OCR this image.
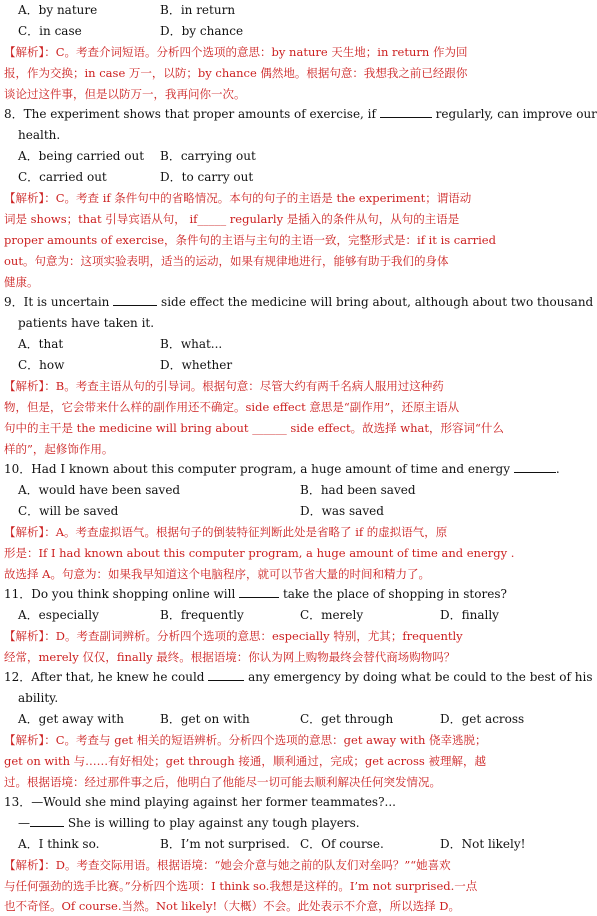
A．by nature	B．in return
C．in case	D．by chance
【解析】：C。考查介词短语。分析四个选项的意思：by nature 天生地；in return 作为回
报，作为交换；in case 万一，以防；by chance 偶然地。根据句意：我想我之前已经跟你
谈论过这件事，但是以防万一，我再问你一次。
8．The experiment shows that proper amounts of exercise, if	regularly, can improve our
health.
A．being carried out B．carrying out
C．carried out	D．to carry out
【解析】：C。考查 if 条件句中的省略情况。本句的句子的主语是 the experiment；谓语动
词是 shows；that 引导宾语从句， if_____ regularly 是插入的条件从句，从句的主语是
proper amounts of exercise，条件句的主语与主句的主语一致，完整形式是：if it is carried
out。句意为：这项实验表明，适当的运动，如果有规律地进行，能够有助于我们的身体
健康。
9．It is uncertain	side effect the medicine will bring about, although about two thousand
patients have taken it.
A．that	B．what...
C．how	D．whether
【解析】：B。考查主语从句的引导词。根据句意：尽管大约有两千名病人服用过这种药
物，但是，它会带来什么样的副作用还不确定。side effect 意思是“副作用”，还原主语从
句中的主干是 the medicine will bring about ______ side effect。故选择 what，形容词“什么
样的”，起修饰作用。
10．Had I known about this computer program, a huge amount of time and energy	.
A．would have been saved	B．had been saved
C．will be saved	D．was saved
【解析】：A。考查虚拟语气。根据句子的倒装特征判断此处是省略了 if 的虚拟语气，原
形是：If I had known about this computer program, a huge amount of time and energy .
故选择 A。句意为：如果我早知道这个电脑程序，就可以节省大量的时间和精力了。
11．Do you think shopping online will	take the place of shopping in stores?
A．especially	B．frequently	C．merely	D．finally
【解析】：D。考查副词辨析。分析四个选项的意思：especially 特别，尤其；frequently
经常，merely 仅仅，finally 最终。根据语境：你认为网上购物最终会替代商场购物吗？
12．After that, he knew he could	any emergency by doing what be could to the best of his
ability.
A．get away with	B．get on with	C．get through	D．get across
【解析】：C。考查与 get 相关的短语辨析。分析四个选项的意思：get away with 侥幸逃脱；
get on with 与……有好相处；get through 接通，顺利通过，完成；get across 被理解，越
过。根据语境：经过那件事之后，他明白了他能尽一切可能去顺利解决任何突发情况。
13．—Would she mind playing against her former teammates?...
—	She is willing to play against any tough players.
A．I think so.	B．I’m not surprised. C．Of course.	D．Not likely!
【解析】：D。考查交际用语。根据语境：“她会介意与她之前的队友们对垒吗？”“她喜欢
与任何强劲的选手比赛。”分析四个选项：I think so.我想是这样的。I’m not surprised.一点
也不奇怪。Of course.当然。Not likely!（大概）不会。此处表示不介意，所以选择 D。
